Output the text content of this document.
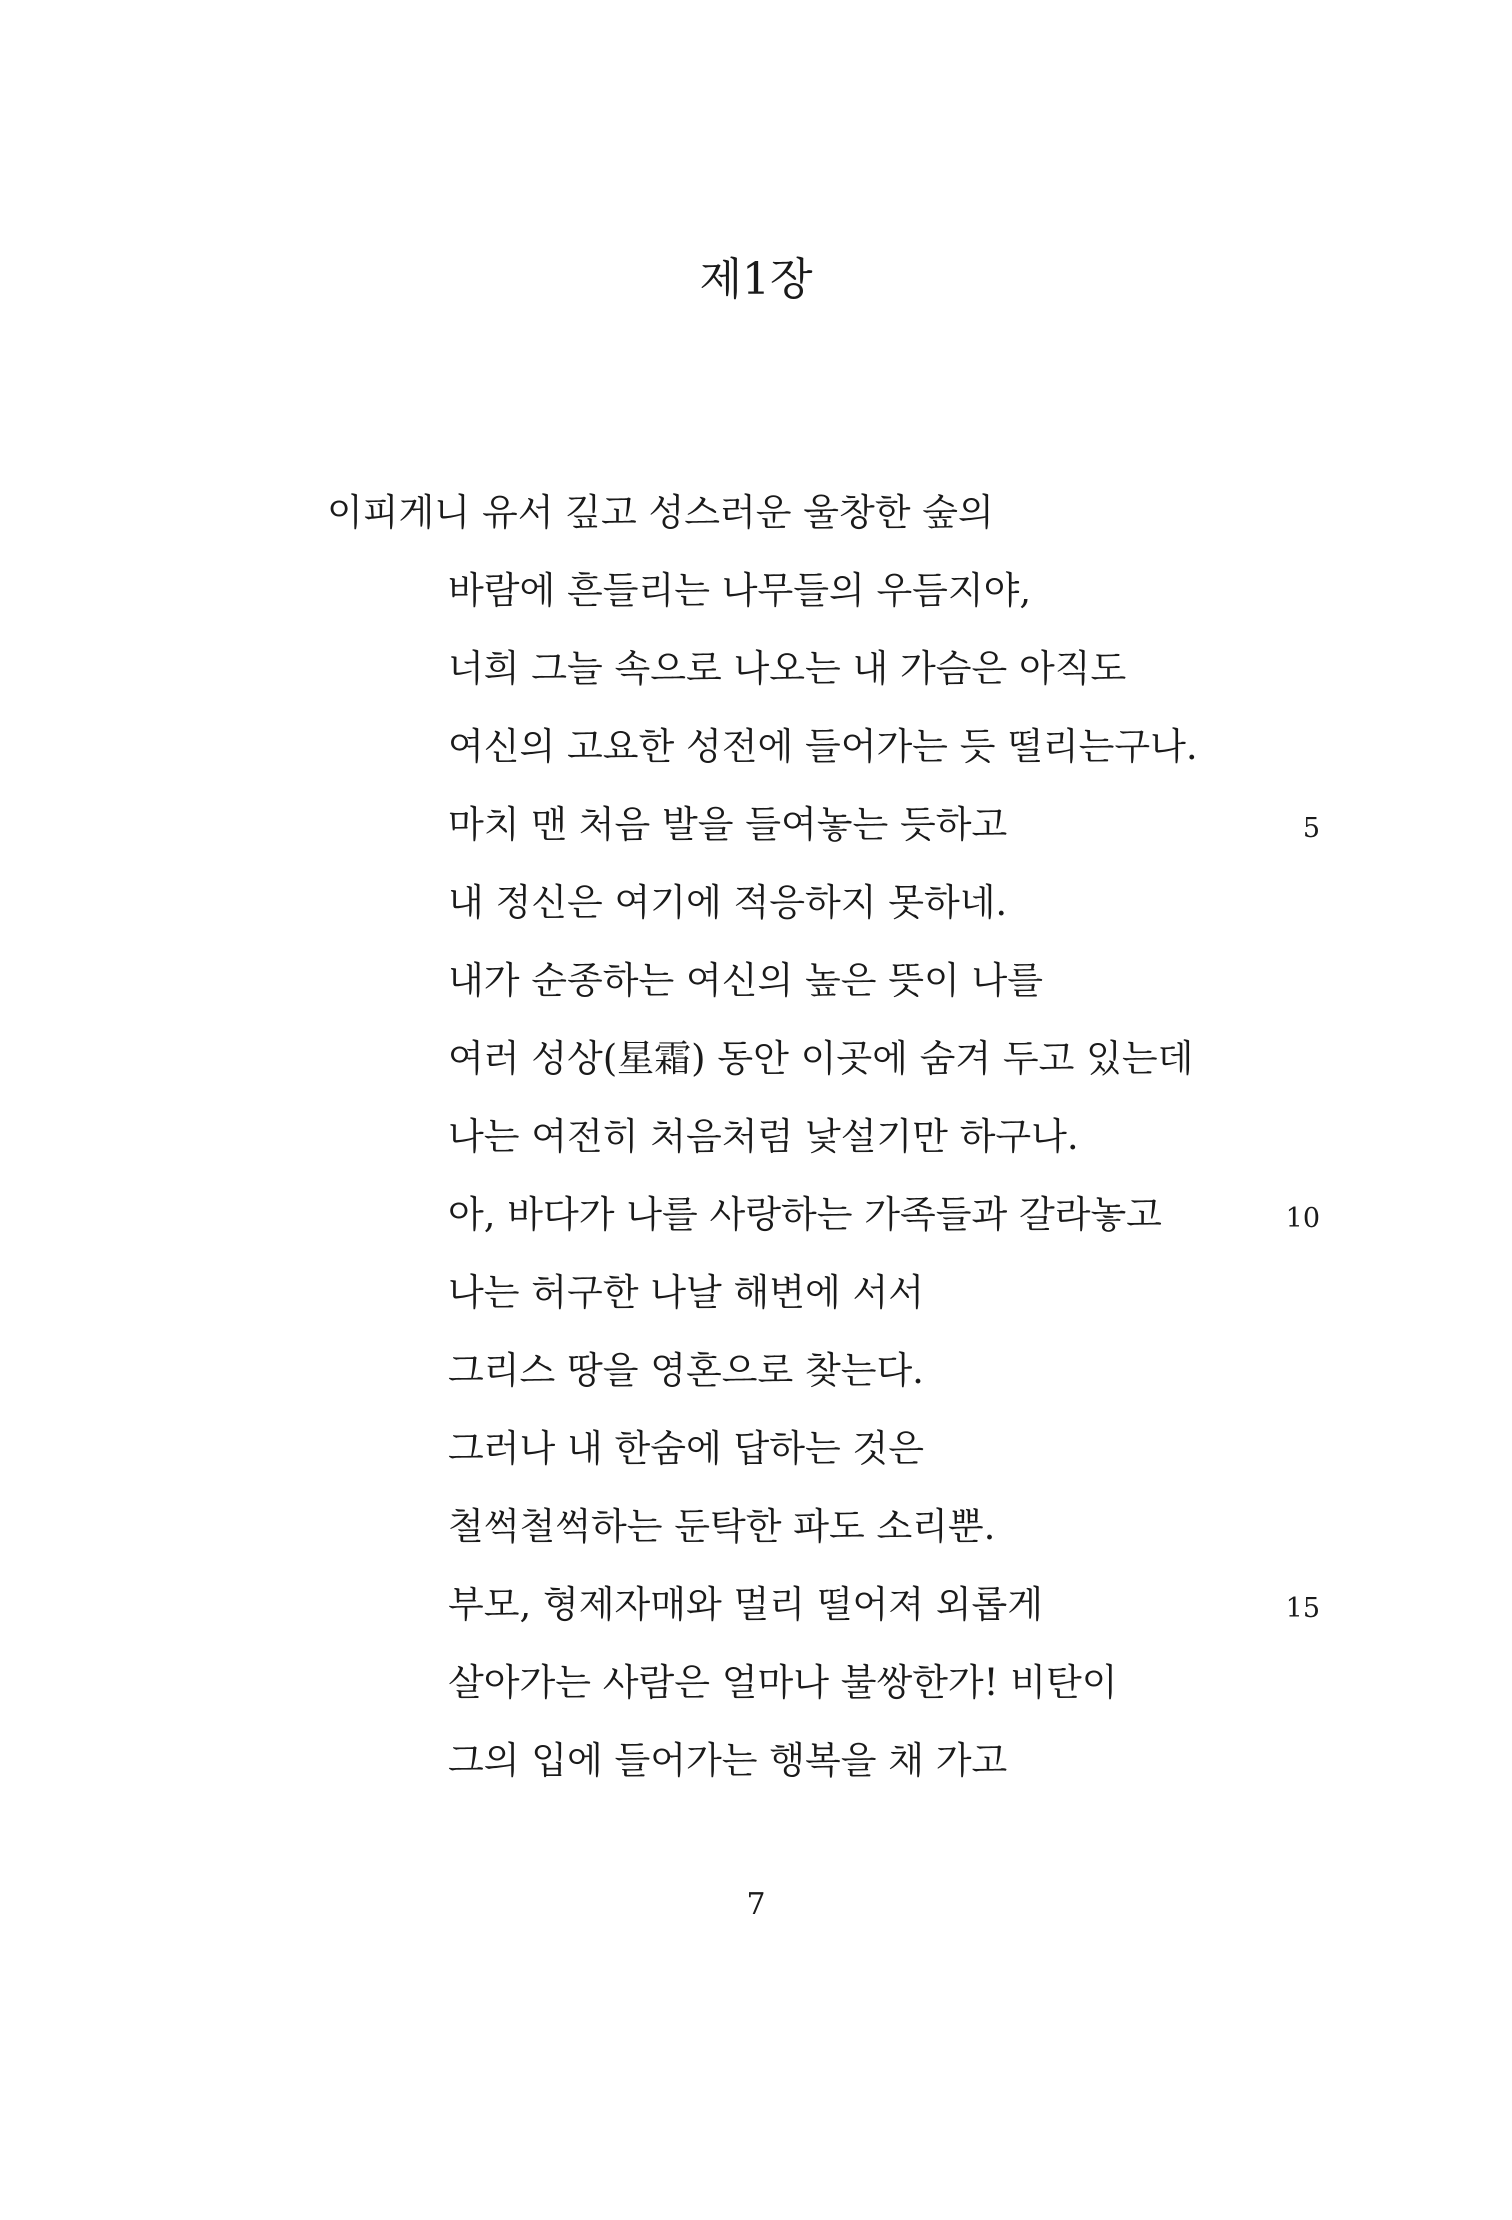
제1장
이피게니 유서 깊고 성스러운 울창한 숲의
바람에 흔들리는 나무들의 우듬지야,
너희 그늘 속으로 나오는 내 가슴은 아직도
여신의 고요한 성전에 들어가는 듯 떨리는구나.
마치 맨 처음 발을 들여놓는 듯하고	5
내 정신은 여기에 적응하지 못하네.
내가 순종하는 여신의 높은 뜻이 나를
여러 성상(星霜) 동안 이곳에 숨겨 두고 있는데
나는 여전히 처음처럼 낯설기만 하구나.
아, 바다가 나를 사랑하는 가족들과 갈라놓고	10
나는 허구한 나날 해변에 서서
그리스 땅을 영혼으로 찾는다.
그러나 내 한숨에 답하는 것은
철썩철썩하는 둔탁한 파도 소리뿐.
부모, 형제자매와 멀리 떨어져 외롭게	15
살아가는 사람은 얼마나 불쌍한가! 비탄이
그의 입에 들어가는 행복을 채 가고
7
